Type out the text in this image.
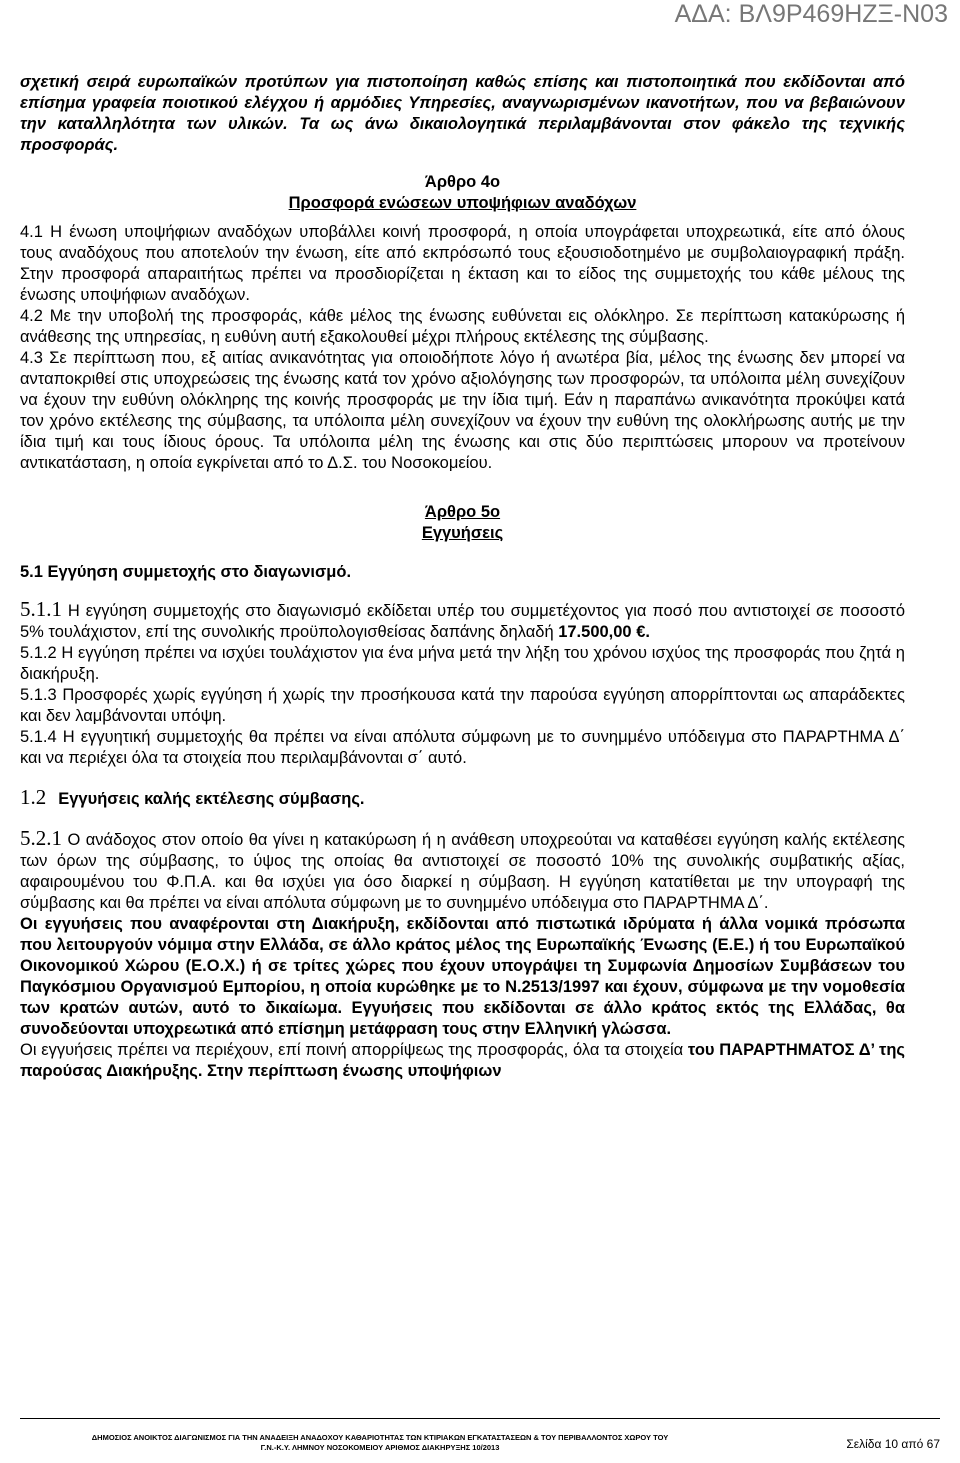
ΑΔΑ: ΒΛ9Ρ469ΗΖΞ-Ν03

σχετική σειρά ευρωπαϊκών προτύπων για πιστοποίηση καθώς επίσης και πιστοποιητικά που εκδίδονται από επίσημα γραφεία ποιοτικού ελέγχου ή αρμόδιες Υπηρεσίες, αναγνωρισμένων ικανοτήτων, που να βεβαιώνουν την καταλληλότητα των υλικών. Τα ως άνω δικαιολογητικά περιλαμβάνονται στον φάκελο της τεχνικής προσφοράς.

Άρθρο 4ο
Προσφορά ενώσεων υποψήφιων αναδόχων

4.1 Η ένωση υποψήφιων αναδόχων υποβάλλει κοινή προσφορά, η οποία υπογράφεται υποχρεωτικά, είτε από όλους τους αναδόχους που αποτελούν την ένωση, είτε από εκπρόσωπό τους εξουσιοδοτημένο με συμβολαιογραφική πράξη. Στην προσφορά απαραιτήτως πρέπει να προσδιορίζεται η έκταση και το είδος της συμμετοχής του κάθε μέλους της ένωσης υποψήφιων αναδόχων.

4.2 Με την υποβολή της προσφοράς, κάθε μέλος της ένωσης ευθύνεται εις ολόκληρο. Σε περίπτωση κατακύρωσης ή ανάθεσης της υπηρεσίας, η ευθύνη αυτή εξακολουθεί μέχρι πλήρους εκτέλεσης της σύμβασης.

4.3 Σε περίπτωση που, εξ αιτίας ανικανότητας για οποιοδήποτε λόγο ή ανωτέρα βία, μέλος της ένωσης δεν μπορεί να ανταποκριθεί στις υποχρεώσεις της ένωσης κατά τον χρόνο αξιολόγησης των προσφορών, τα υπόλοιπα μέλη συνεχίζουν να έχουν την ευθύνη ολόκληρης της κοινής προσφοράς με την ίδια τιμή. Εάν η παραπάνω ανικανότητα προκύψει κατά τον χρόνο εκτέλεσης της σύμβασης, τα υπόλοιπα μέλη συνεχίζουν να έχουν την ευθύνη της ολοκλήρωσης αυτής με την ίδια τιμή και τους ίδιους όρους. Τα υπόλοιπα μέλη της ένωσης και στις δύο περιπτώσεις μπορουν να προτείνουν αντικατάσταση, η οποία εγκρίνεται από το Δ.Σ. του Νοσοκομείου.

Άρθρο 5ο
Εγγυήσεις
5.1 Εγγύηση συμμετοχής στο διαγωνισμό.

5.1.1 Η εγγύηση συμμετοχής στο διαγωνισμό εκδίδεται υπέρ του συμμετέχοντος για ποσό που αντιστοιχεί σε ποσοστό 5% τουλάχιστον, επί της συνολικής προϋπολογισθείσας δαπάνης δηλαδή 17.500,00 €.

5.1.2 Η εγγύηση πρέπει να ισχύει τουλάχιστον για ένα μήνα μετά την λήξη του χρόνου ισχύος της προσφοράς που ζητά η διακήρυξη.

5.1.3 Προσφορές χωρίς εγγύηση ή χωρίς την προσήκουσα κατά την παρούσα εγγύηση απορρίπτονται ως απαράδεκτες και δεν λαμβάνονται υπόψη.

5.1.4 Η εγγυητική συμμετοχής θα πρέπει να είναι απόλυτα σύμφωνη με το συνημμένο υπόδειγμα στο ΠΑΡΑΡΤΗΜΑ Δ΄ και να περιέχει όλα τα στοιχεία που περιλαμβάνονται σ΄ αυτό.

1.2 Εγγυήσεις καλής εκτέλεσης σύμβασης.

5.2.1 Ο ανάδοχος στον οποίο θα γίνει η κατακύρωση ή η ανάθεση υποχρεούται να καταθέσει εγγύηση καλής εκτέλεσης των όρων της σύμβασης, το ύψος της οποίας θα αντιστοιχεί σε ποσοστό 10% της συνολικής συμβατικής αξίας, αφαιρουμένου του Φ.Π.Α. και θα ισχύει για όσο διαρκεί η σύμβαση. Η εγγύηση κατατίθεται με την υπογραφή της σύμβασης και θα πρέπει να είναι απόλυτα σύμφωνη με το συνημμένο υπόδειγμα στο ΠΑΡΑΡΤΗΜΑ Δ΄.

Οι εγγυήσεις που αναφέρονται στη Διακήρυξη, εκδίδονται από πιστωτικά ιδρύματα ή άλλα νομικά πρόσωπα που λειτουργούν νόμιμα στην Ελλάδα, σε άλλο κράτος μέλος της Ευρωπαϊκής Ένωσης (Ε.Ε.) ή του Ευρωπαϊκού Οικονομικού Χώρου (Ε.Ο.Χ.) ή σε τρίτες χώρες που έχουν υπογράψει τη Συμφωνία Δημοσίων Συμβάσεων του Παγκόσμιου Οργανισμού Εμπορίου, η οποία κυρώθηκε με το Ν.2513/1997 και έχουν, σύμφωνα με την νομοθεσία των κρατών αυτών, αυτό το δικαίωμα. Εγγυήσεις που εκδίδονται σε άλλο κράτος εκτός της Ελλάδας, θα συνοδεύονται υποχρεωτικά από επίσημη μετάφραση τους στην Ελληνική γλώσσα.

Οι εγγυήσεις πρέπει να περιέχουν, επί ποινή απορρίψεως της προσφοράς, όλα τα στοιχεία του ΠΑΡΑΡΤΗΜΑΤΟΣ Δ’ της παρούσας Διακήρυξης. Στην περίπτωση ένωσης υποψήφιων

ΔΗΜΟΣΙΟΣ ΑΝΟΙΚΤΟΣ ΔΙΑΓΩΝΙΣΜΟΣ ΓΙΑ ΤΗΝ ΑΝΑΔΕΙΞΗ ΑΝΑΔΟΧΟΥ ΚΑΘΑΡΙΟΤΗΤΑΣ ΤΩΝ ΚΤΙΡΙΑΚΩΝ ΕΓΚΑΤΑΣΤΑΣΕΩΝ & ΤΟΥ ΠΕΡΙΒΑΛΛΟΝΤΟΣ ΧΩΡΟΥ ΤΟΥ
Γ.Ν.-Κ.Υ. ΛΗΜΝΟΥ ΝΟΣΟΚΟΜΕΙΟΥ ΑΡΙΘΜΟΣ ΔΙΑΚΗΡΥΞΗΣ 10/2013	Σελίδα 10 από 67
